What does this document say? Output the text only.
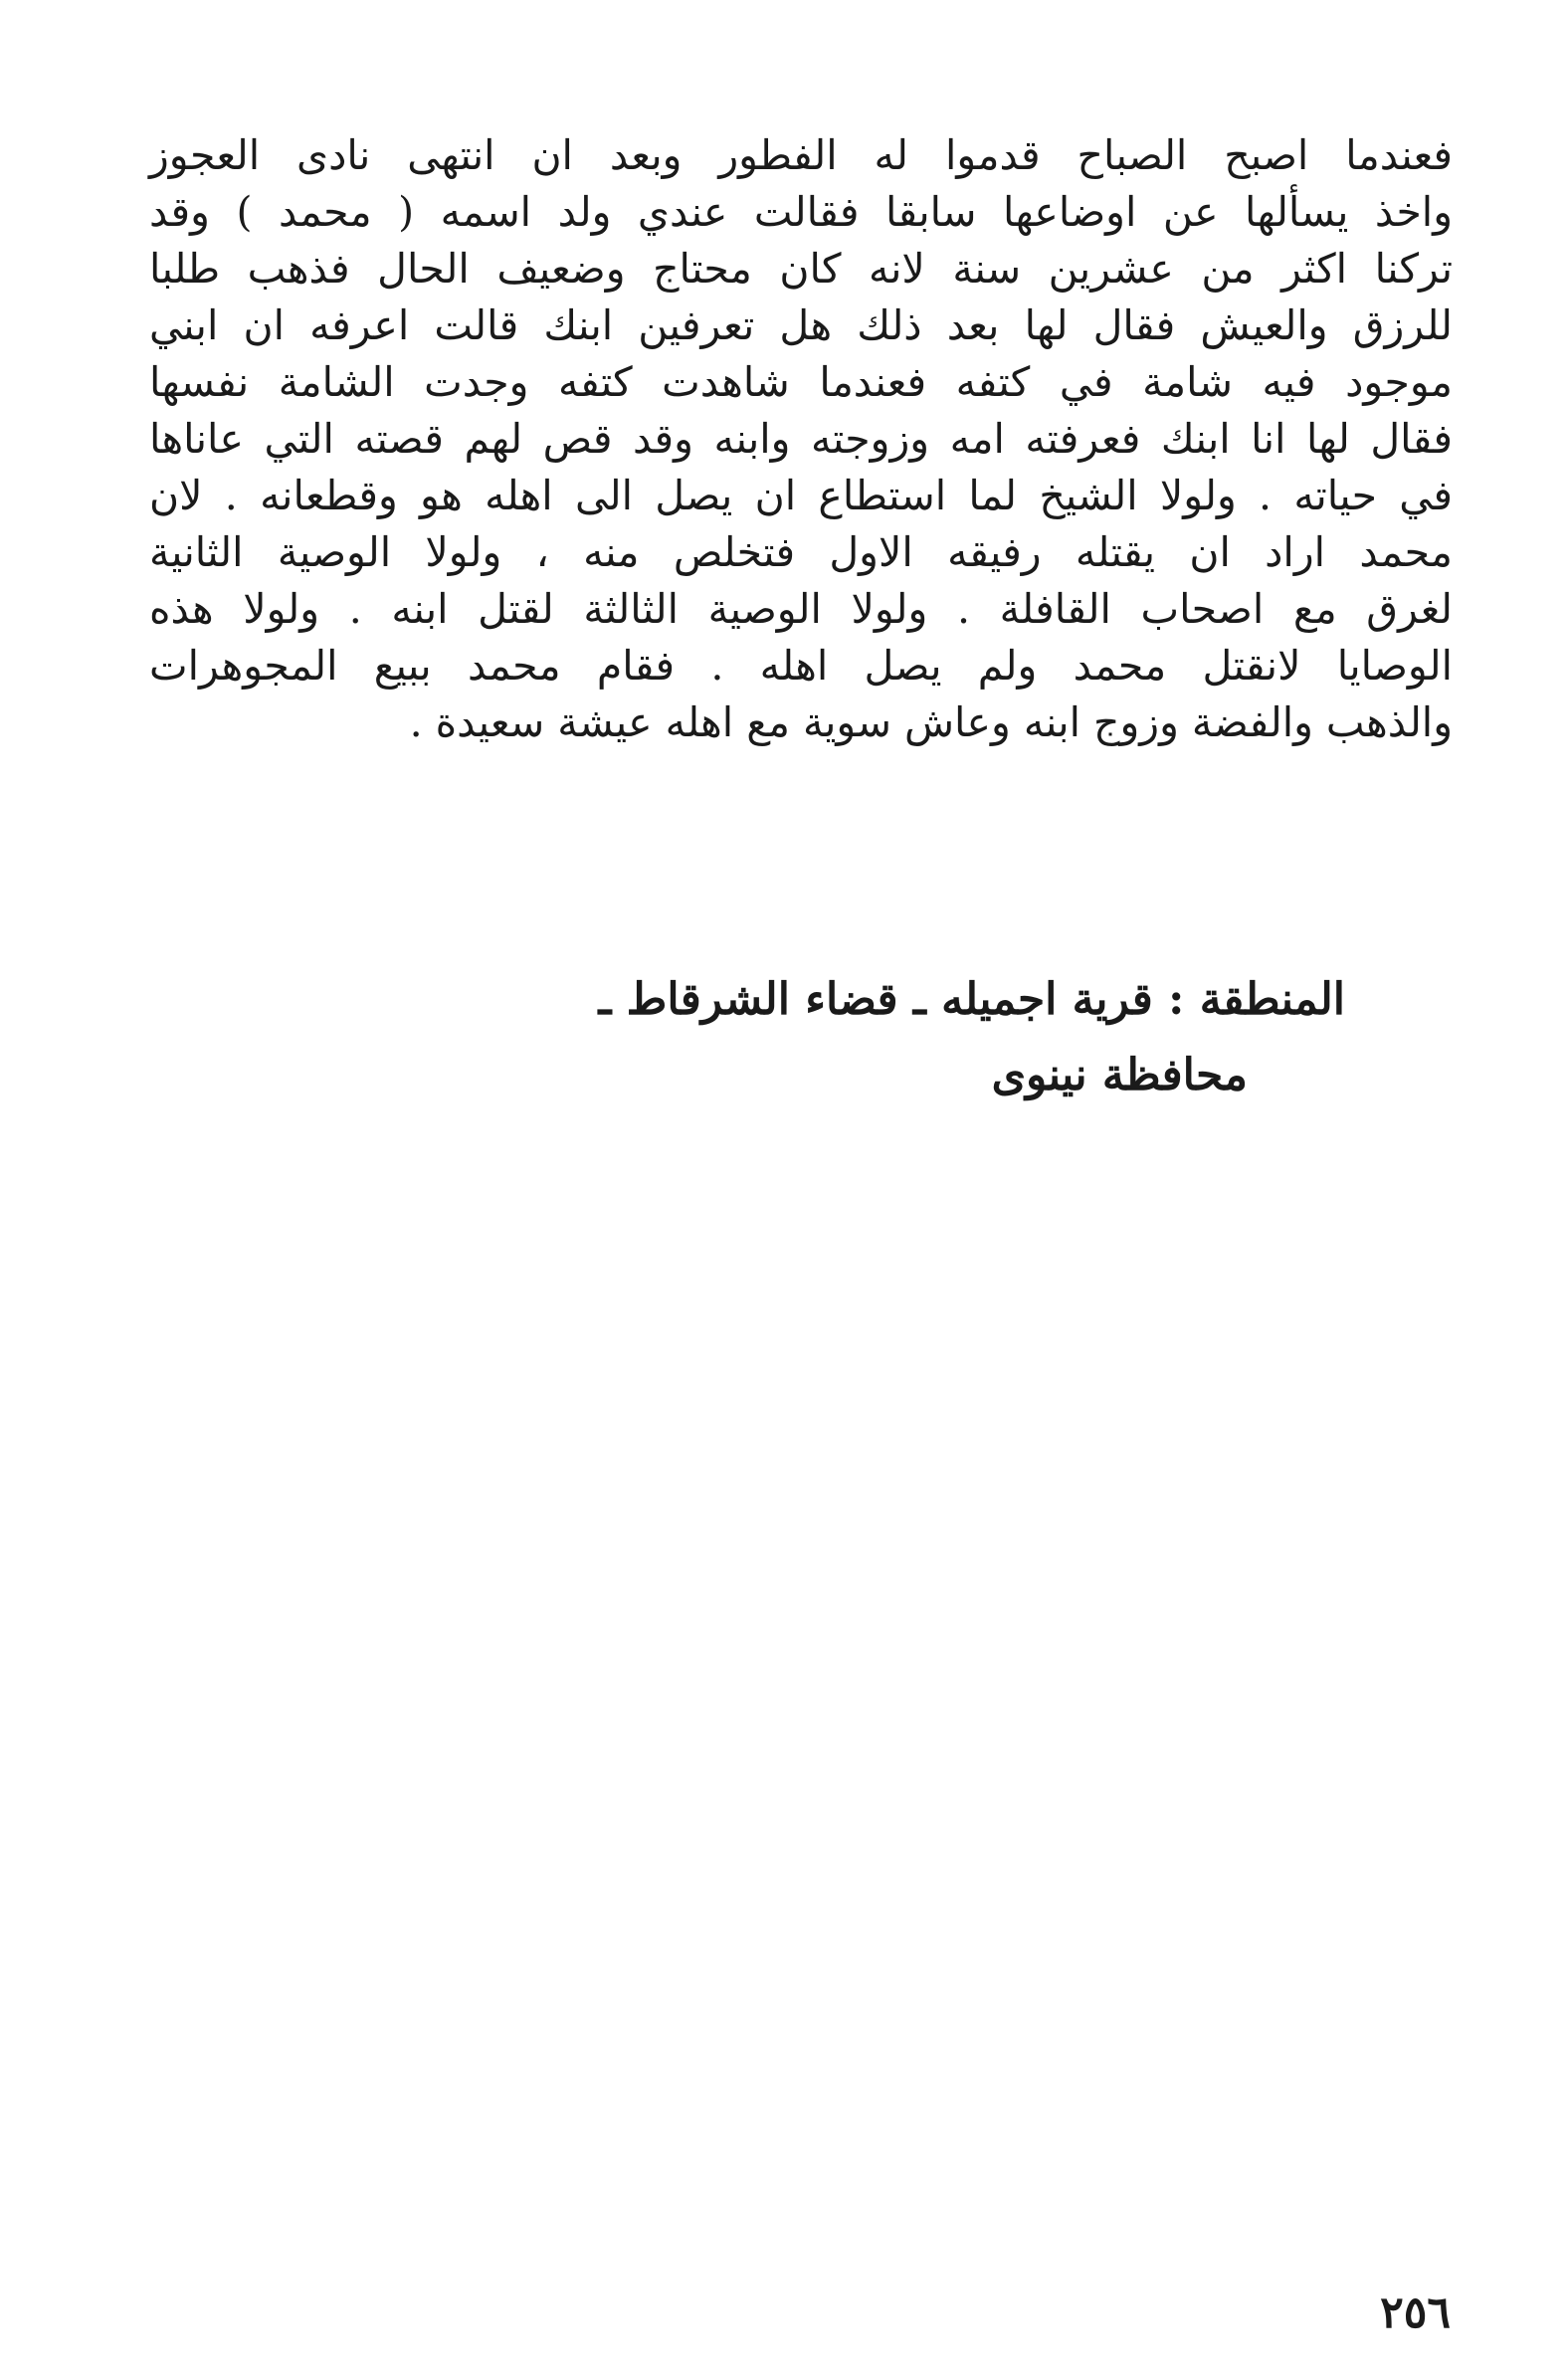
فعندما اصبح الصباح قدموا له الفطور وبعد ان انتهى نادى العجوز
واخذ يسألها عن اوضاعها سابقا فقالت عندي ولد اسمه ( محمد ) وقد
تركنا اكثر من عشرين سنة لانه كان محتاج وضعيف الحال فذهب طلبا
للرزق والعيش فقال لها بعد ذلك هل تعرفين ابنك قالت اعرفه ان ابني
موجود فيه شامة في كتفه فعندما شاهدت كتفه وجدت الشامة نفسها
فقال لها انا ابنك فعرفته امه وزوجته وابنه وقد قص لهم قصته التي عاناها
في حياته . ولولا الشيخ لما استطاع ان يصل الى اهله هو وقطعانه . لان
محمد اراد ان يقتله رفيقه الاول فتخلص منه ، ولولا الوصية الثانية
لغرق مع اصحاب القافلة . ولولا الوصية الثالثة لقتل ابنه . ولولا هذه
الوصايا لانقتل محمد ولم يصل اهله . فقام محمد ببيع المجوهرات
والذهب والفضة وزوج ابنه وعاش سوية مع اهله عيشة سعيدة .
المنطقة : قرية اجميله ـ قضاء الشرقاط ـ
محافظة نينوى
٢٥٦
